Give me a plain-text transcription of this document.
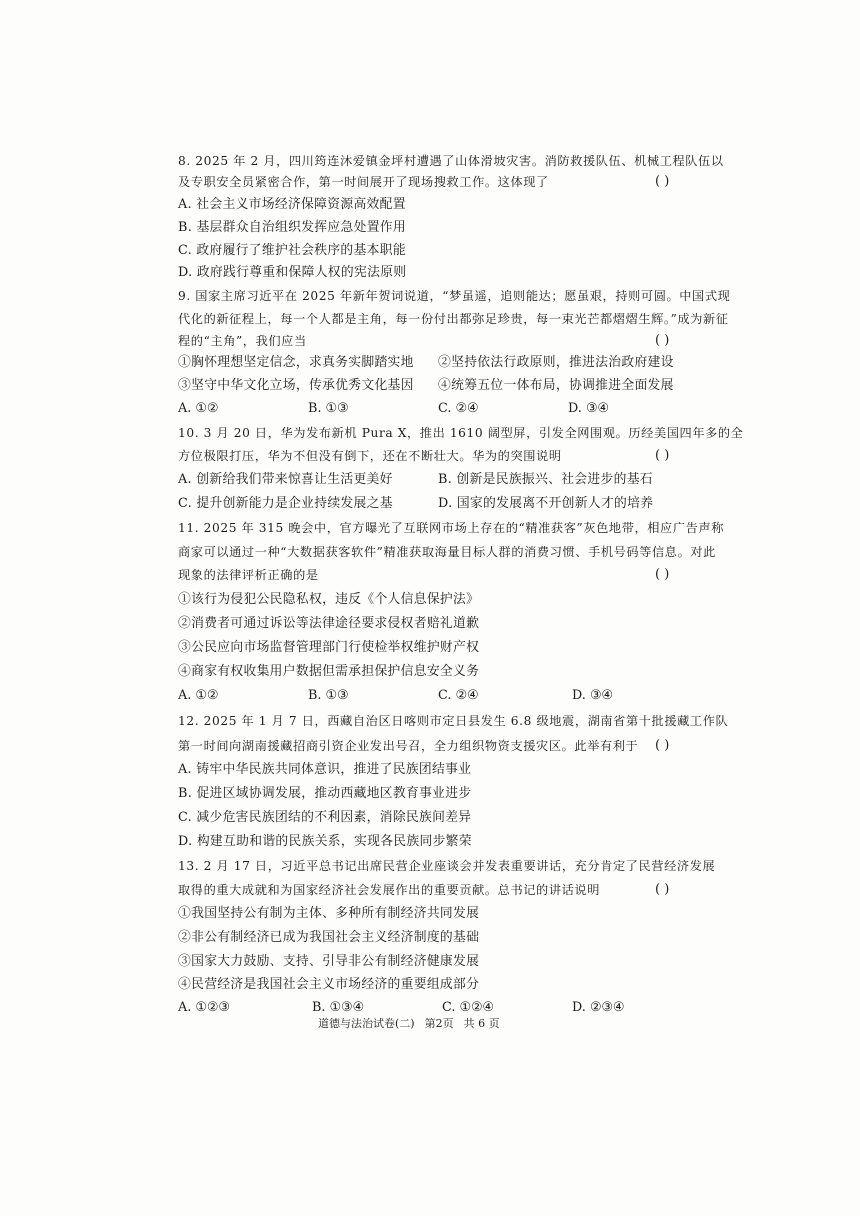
8. 2025 年 2 月，四川筠连沐爱镇金坪村遭遇了山体滑坡灾害。消防救援队伍、机械工程队伍以
及专职安全员紧密合作，第一时间展开了现场搜救工作。这体现了	( )
A. 社会主义市场经济保障资源高效配置
B. 基层群众自治组织发挥应急处置作用
C. 政府履行了维护社会秩序的基本职能
D. 政府践行尊重和保障人权的宪法原则
9. 国家主席习近平在 2025 年新年贺词说道，“梦虽遥，追则能达；愿虽艰，持则可圆。中国式现
代化的新征程上，每一个人都是主角，每一份付出都弥足珍贵，每一束光芒都熠熠生辉。”成为新征
程的“主角”，我们应当	( )
①胸怀理想坚定信念，求真务实脚踏实地 ②坚持依法行政原则，推进法治政府建设
③坚守中华文化立场，传承优秀文化基因 ④统筹五位一体布局，协调推进全面发展
A. ①②	B. ①③	C. ②④	D. ③④
10. 3 月 20 日，华为发布新机 Pura X，推出 1610 阔型屏，引发全网围观。历经美国四年多的全
方位极限打压，华为不但没有倒下，还在不断壮大。华为的突围说明	( )
A. 创新给我们带来惊喜让生活更美好	B. 创新是民族振兴、社会进步的基石
C. 提升创新能力是企业持续发展之基	D. 国家的发展离不开创新人才的培养
11. 2025 年 315 晚会中，官方曝光了互联网市场上存在的“精准获客”灰色地带，相应广告声称
商家可以通过一种“大数据获客软件”精准获取海量目标人群的消费习惯、手机号码等信息。对此
现象的法律评析正确的是	( )
①该行为侵犯公民隐私权，违反《个人信息保护法》
②消费者可通过诉讼等法律途径要求侵权者赔礼道歉
③公民应向市场监督管理部门行使检举权维护财产权
④商家有权收集用户数据但需承担保护信息安全义务
A. ①②	B. ①③	C. ②④	D. ③④
12. 2025 年 1 月 7 日，西藏自治区日喀则市定日县发生 6.8 级地震，湖南省第十批援藏工作队
第一时间向湖南援藏招商引资企业发出号召，全力组织物资支援灾区。此举有利于 ( )
A. 铸牢中华民族共同体意识，推进了民族团结事业
B. 促进区域协调发展，推动西藏地区教育事业进步
C. 减少危害民族团结的不利因素，消除民族间差异
D. 构建互助和谐的民族关系，实现各民族同步繁荣
13. 2 月 17 日，习近平总书记出席民营企业座谈会并发表重要讲话，充分肯定了民营经济发展
取得的重大成就和为国家经济社会发展作出的重要贡献。总书记的讲话说明	( )
①我国坚持公有制为主体、多种所有制经济共同发展
②非公有制经济已成为我国社会主义经济制度的基础
③国家大力鼓励、支持、引导非公有制经济健康发展
④民营经济是我国社会主义市场经济的重要组成部分
A. ①②③	B. ①③④	C. ①②④	D. ②③④
道德与法治试卷(二) 第2页 共 6 页
